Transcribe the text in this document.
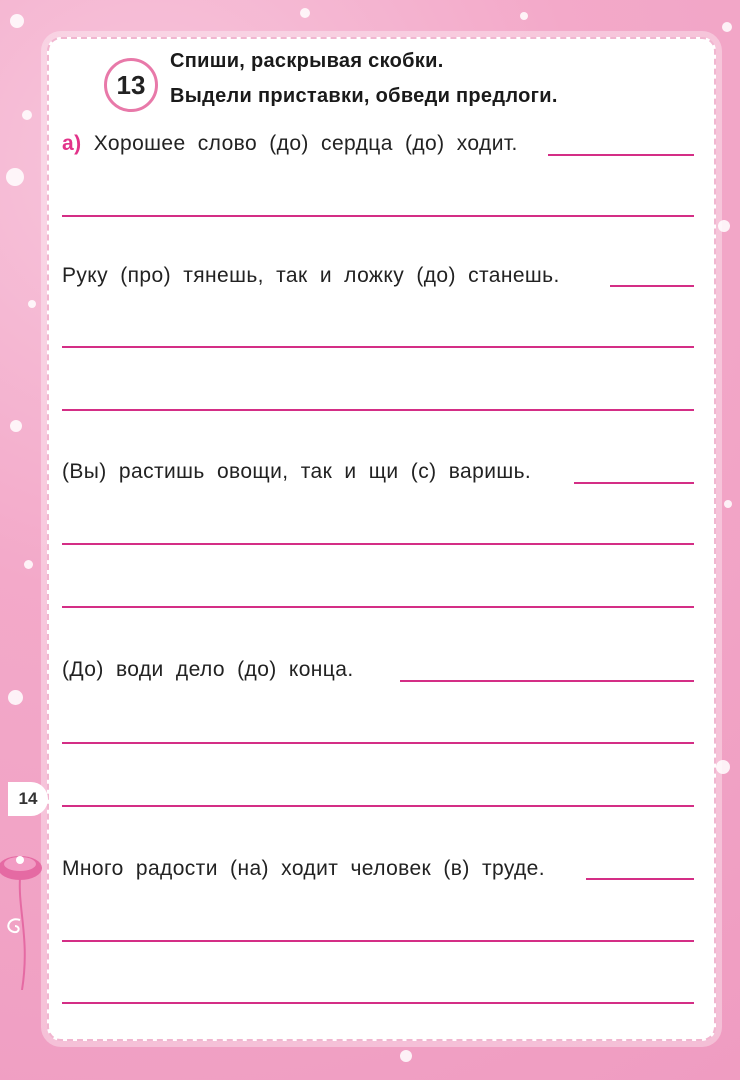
13
Спиши, раскрывая скобки.
Выдели приставки, обведи предлоги.
а) Хорошее слово (до) сердца (до) ходит.
Руку (про) тянешь, так и ложку (до) станешь.
(Вы) растишь овощи, так и щи (с) варишь.
(До) води дело (до) конца.
Много радости (на) ходит человек (в) труде.
14
